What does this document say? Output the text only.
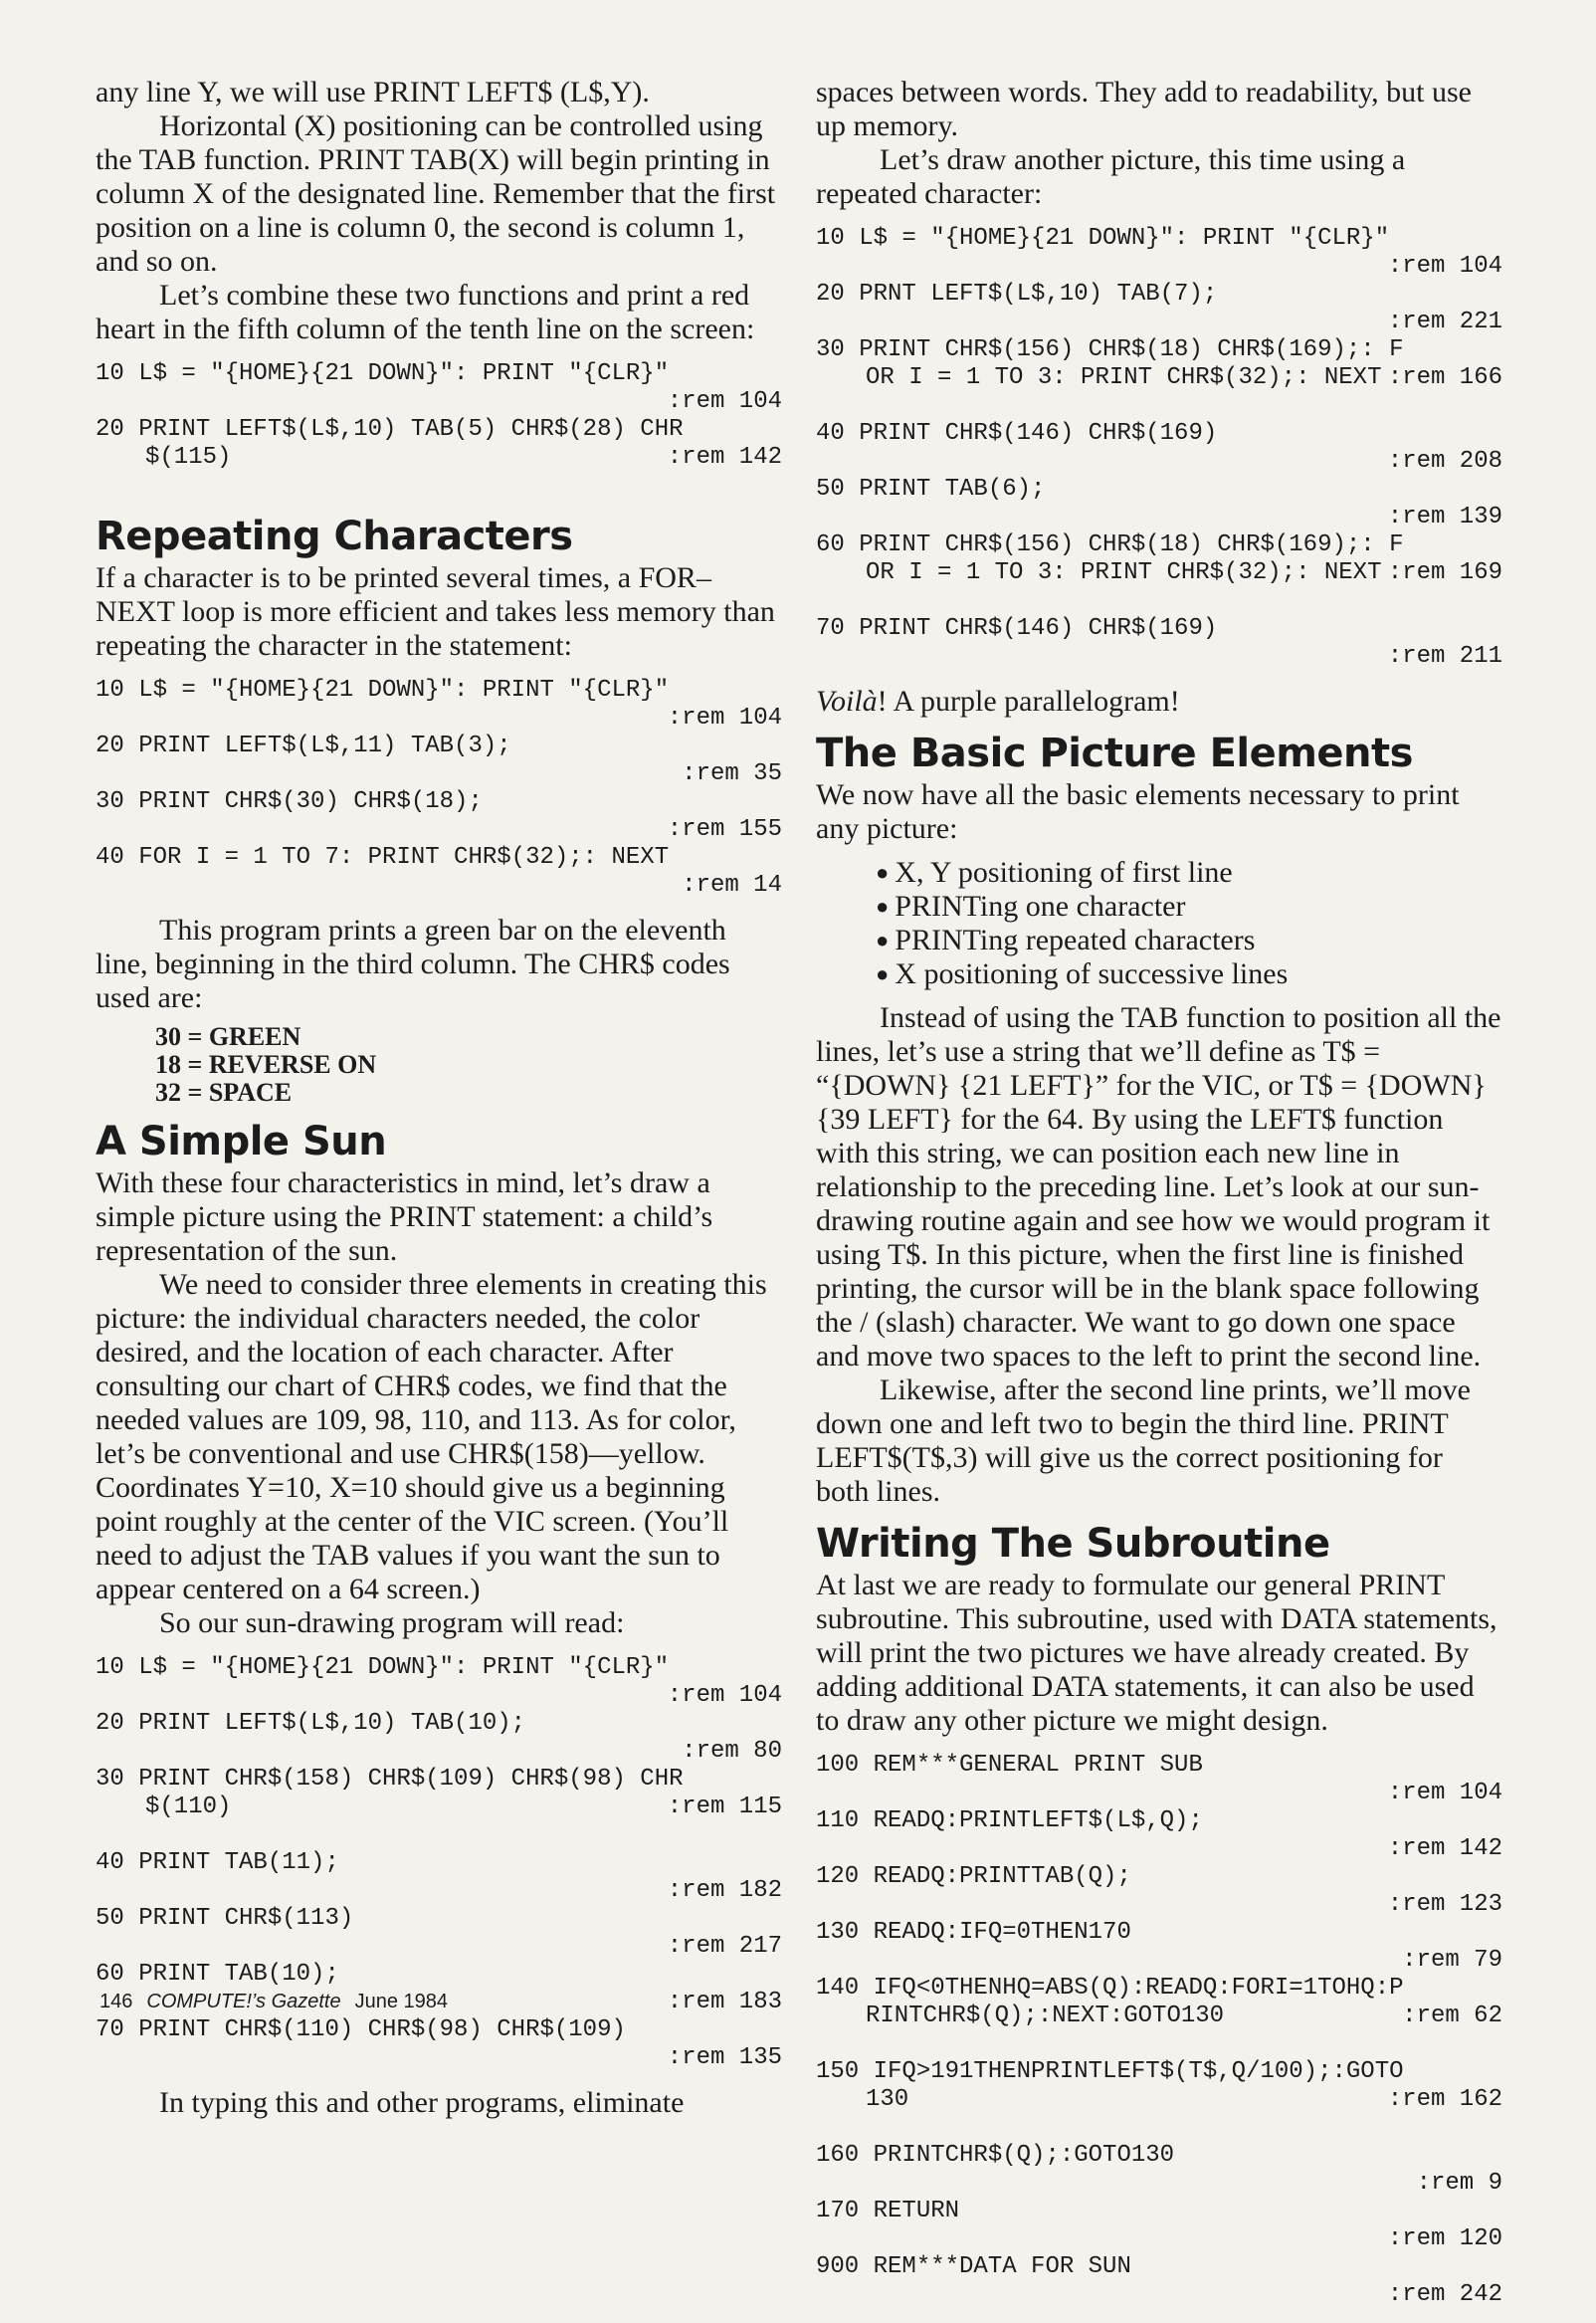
any line Y, we will use PRINT LEFT$ (L$,Y).

Horizontal (X) positioning can be controlled using the TAB function. PRINT TAB(X) will begin printing in column X of the designated line. Remember that the first position on a line is column 0, the second is column 1, and so on.

Let’s combine these two functions and print a red heart in the fifth column of the tenth line on the screen:

10 L$ = "{HOME}{21 DOWN}": PRINT "{CLR}"
:rem 104
20 PRINT LEFT$(L$,10) TAB(5) CHR$(28) CHR
$(115)	:rem 142
Repeating Characters

If a character is to be printed several times, a FOR–NEXT loop is more efficient and takes less memory than repeating the character in the statement:

10 L$ = "{HOME}{21 DOWN}": PRINT "{CLR}"
:rem 104
20 PRINT LEFT$(L$,11) TAB(3);
:rem 35
30 PRINT CHR$(30) CHR$(18);
:rem 155
40 FOR I = 1 TO 7: PRINT CHR$(32);: NEXT
:rem 14

This program prints a green bar on the eleventh line, beginning in the third column. The CHR$ codes used are:

30 = GREEN
18 = REVERSE ON
32 = SPACE
A Simple Sun

With these four characteristics in mind, let’s draw a simple picture using the PRINT statement: a child’s representation of the sun.

We need to consider three elements in creating this picture: the individual characters needed, the color desired, and the location of each character. After consulting our chart of CHR$ codes, we find that the needed values are 109, 98, 110, and 113. As for color, let’s be conventional and use CHR$(158)—yellow. Coordinates Y=10, X=10 should give us a beginning point roughly at the center of the VIC screen. (You’ll need to adjust the TAB values if you want the sun to appear centered on a 64 screen.)

So our sun-drawing program will read:

10 L$ = "{HOME}{21 DOWN}": PRINT "{CLR}"
:rem 104
20 PRINT LEFT$(L$,10) TAB(10);
:rem 80
30 PRINT CHR$(158) CHR$(109) CHR$(98) CHR
$(110)	:rem 115
40 PRINT TAB(11);
:rem 182
50 PRINT CHR$(113)
:rem 217
60 PRINT TAB(10);
:rem 183
70 PRINT CHR$(110) CHR$(98) CHR$(109)
:rem 135

In typing this and other programs, eliminate

spaces between words. They add to readability, but use up memory.

Let’s draw another picture, this time using a repeated character:

10 L$ = "{HOME}{21 DOWN}": PRINT "{CLR}"
:rem 104
20 PRNT LEFT$(L$,10) TAB(7);
:rem 221
30 PRINT CHR$(156) CHR$(18) CHR$(169);: F
OR I = 1 TO 3: PRINT CHR$(32);: NEXT :rem 166
40 PRINT CHR$(146) CHR$(169)
:rem 208
50 PRINT TAB(6);
:rem 139
60 PRINT CHR$(156) CHR$(18) CHR$(169);: F
OR I = 1 TO 3: PRINT CHR$(32);: NEXT :rem 169
70 PRINT CHR$(146) CHR$(169)
:rem 211

Voilà! A purple parallelogram!

The Basic Picture Elements

We now have all the basic elements necessary to print any picture:

● X, Y positioning of first line
● PRINTing one character
● PRINTing repeated characters
● X positioning of successive lines

Instead of using the TAB function to position all the lines, let’s use a string that we’ll define as T$ = “{DOWN} {21 LEFT}” for the VIC, or T$ = {DOWN} {39 LEFT} for the 64. By using the LEFT$ function with this string, we can position each new line in relationship to the preceding line. Let’s look at our sun-drawing routine again and see how we would program it using T$. In this picture, when the first line is finished printing, the cursor will be in the blank space following the / (slash) character. We want to go down one space and move two spaces to the left to print the second line.

Likewise, after the second line prints, we’ll move down one and left two to begin the third line. PRINT LEFT$(T$,3) will give us the correct positioning for both lines.

Writing The Subroutine

At last we are ready to formulate our general PRINT subroutine. This subroutine, used with DATA statements, will print the two pictures we have already created. By adding additional DATA statements, it can also be used to draw any other picture we might design.

100 REM***GENERAL PRINT SUB
:rem 104
110 READQ:PRINTLEFT$(L$,Q);
:rem 142
120 READQ:PRINTTAB(Q);
:rem 123
130 READQ:IFQ=0THEN170
:rem 79
140 IFQ<0THENHQ=ABS(Q):READQ:FORI=1TOHQ:P
RINTCHR$(Q);:NEXT:GOTO130	:rem 62
150 IFQ>191THENPRINTLEFT$(T$,Q/100);:GOTO
130	:rem 162
160 PRINTCHR$(Q);:GOTO130
:rem 9
170 RETURN
:rem 120
900 REM***DATA FOR SUN
:rem 242
146 COMPUTE!’s Gazette June 1984
